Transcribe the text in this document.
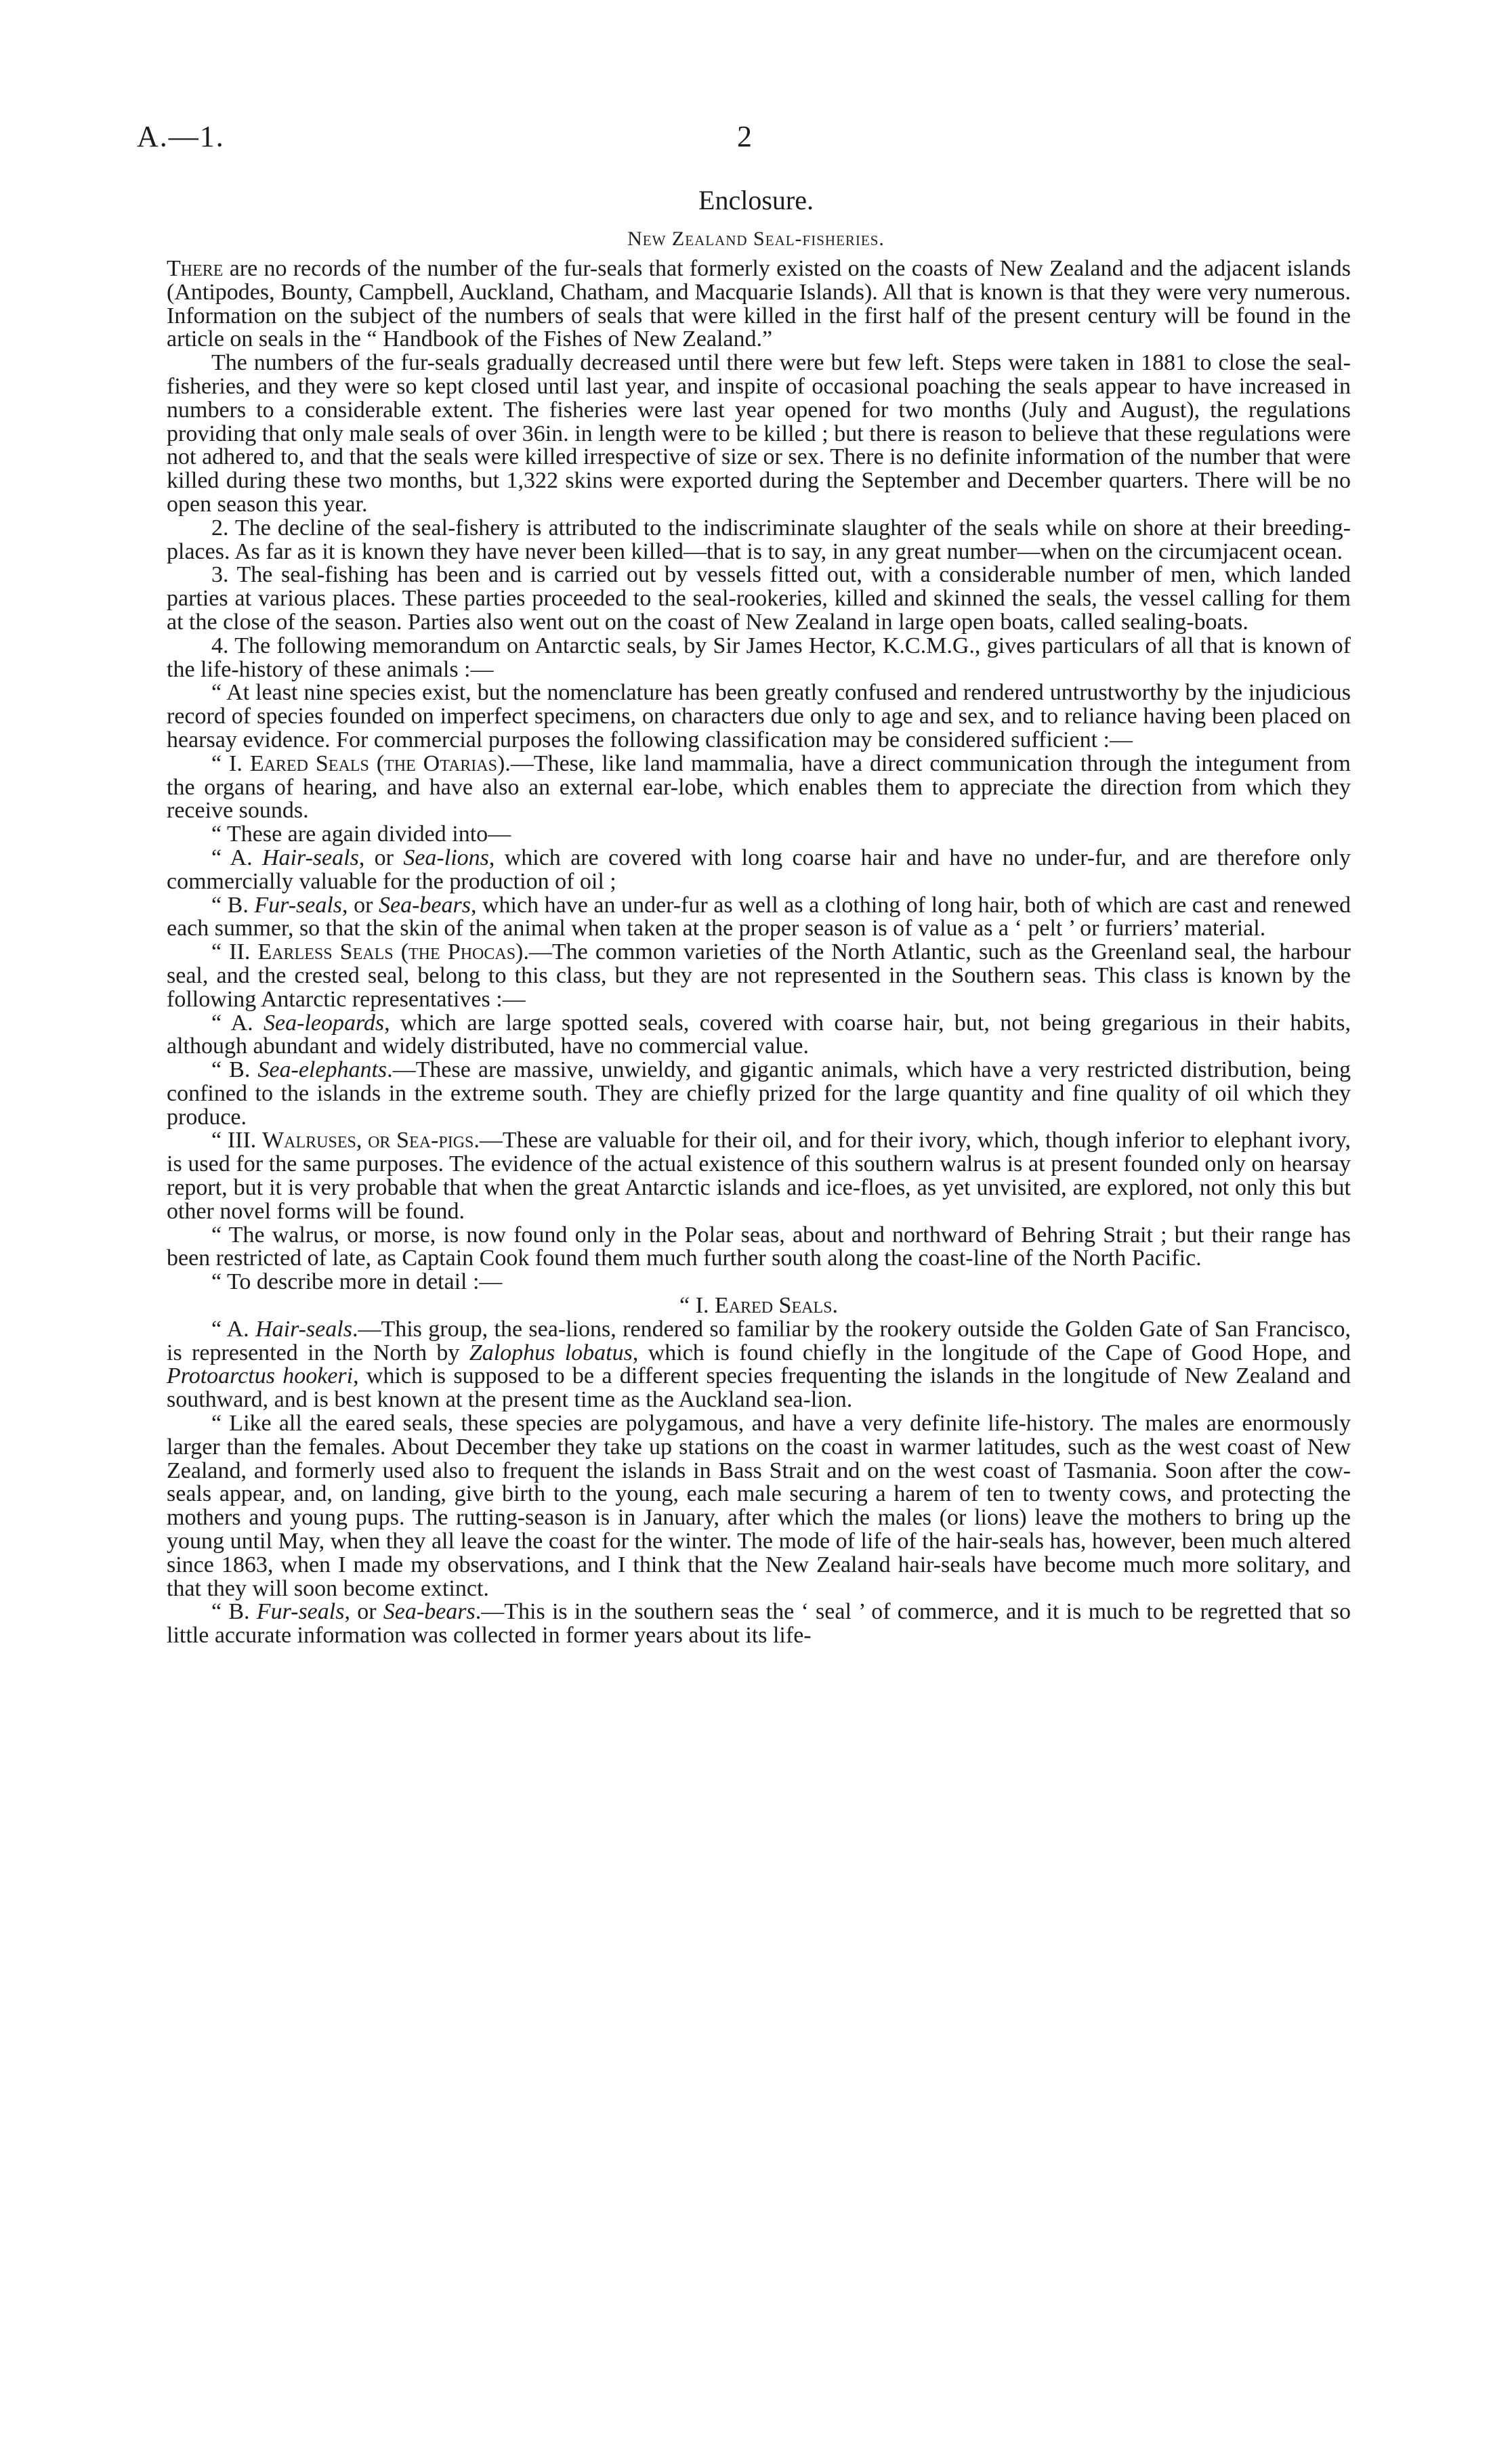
A.—1.	2
Enclosure.
New Zealand Seal-fisheries.

There are no records of the number of the fur-seals that formerly existed on the coasts of New Zealand and the adjacent islands (Antipodes, Bounty, Campbell, Auckland, Chatham, and Macquarie Islands). All that is known is that they were very numerous. Information on the subject of the numbers of seals that were killed in the first half of the present century will be found in the article on seals in the “ Handbook of the Fishes of New Zealand.”

The numbers of the fur-seals gradually decreased until there were but few left. Steps were taken in 1881 to close the seal-fisheries, and they were so kept closed until last year, and inspite of occasional poaching the seals appear to have increased in numbers to a considerable extent. The fisheries were last year opened for two months (July and August), the regulations providing that only male seals of over 36in. in length were to be killed ; but there is reason to believe that these regulations were not adhered to, and that the seals were killed irrespective of size or sex. There is no definite information of the number that were killed during these two months, but 1,322 skins were exported during the September and December quarters. There will be no open season this year.

2. The decline of the seal-fishery is attributed to the indiscriminate slaughter of the seals while on shore at their breeding-places. As far as it is known they have never been killed—that is to say, in any great number—when on the circumjacent ocean.

3. The seal-fishing has been and is carried out by vessels fitted out, with a considerable number of men, which landed parties at various places. These parties proceeded to the seal-rookeries, killed and skinned the seals, the vessel calling for them at the close of the season. Parties also went out on the coast of New Zealand in large open boats, called sealing-boats.

4. The following memorandum on Antarctic seals, by Sir James Hector, K.C.M.G., gives particulars of all that is known of the life-history of these animals :—

“ At least nine species exist, but the nomenclature has been greatly confused and rendered untrustworthy by the injudicious record of species founded on imperfect specimens, on characters due only to age and sex, and to reliance having been placed on hearsay evidence. For commercial purposes the following classification may be considered sufficient :—

“ I. Eared Seals (the Otarias).—These, like land mammalia, have a direct communication through the integument from the organs of hearing, and have also an external ear-lobe, which enables them to appreciate the direction from which they receive sounds.

“ These are again divided into—

“ A. Hair-seals, or Sea-lions, which are covered with long coarse hair and have no under-fur, and are therefore only commercially valuable for the production of oil ;

“ B. Fur-seals, or Sea-bears, which have an under-fur as well as a clothing of long hair, both of which are cast and renewed each summer, so that the skin of the animal when taken at the proper season is of value as a ‘ pelt ’ or furriers’ material.

“ II. Earless Seals (the Phocas).—The common varieties of the North Atlantic, such as the Greenland seal, the harbour seal, and the crested seal, belong to this class, but they are not represented in the Southern seas. This class is known by the following Antarctic representatives :—

“ A. Sea-leopards, which are large spotted seals, covered with coarse hair, but, not being gregarious in their habits, although abundant and widely distributed, have no commercial value.

“ B. Sea-elephants.—These are massive, unwieldy, and gigantic animals, which have a very restricted distribution, being confined to the islands in the extreme south. They are chiefly prized for the large quantity and fine quality of oil which they produce.

“ III. Walruses, or Sea-pigs.—These are valuable for their oil, and for their ivory, which, though inferior to elephant ivory, is used for the same purposes. The evidence of the actual existence of this southern walrus is at present founded only on hearsay report, but it is very probable that when the great Antarctic islands and ice-floes, as yet unvisited, are explored, not only this but other novel forms will be found.

“ The walrus, or morse, is now found only in the Polar seas, about and northward of Behring Strait ; but their range has been restricted of late, as Captain Cook found them much further south along the coast-line of the North Pacific.

“ To describe more in detail :—

“ I. Eared Seals.

“ A. Hair-seals.—This group, the sea-lions, rendered so familiar by the rookery outside the Golden Gate of San Francisco, is represented in the North by Zalophus lobatus, which is found chiefly in the longitude of the Cape of Good Hope, and Protoarctus hookeri, which is supposed to be a different species frequenting the islands in the longitude of New Zealand and southward, and is best known at the present time as the Auckland sea-lion.

“ Like all the eared seals, these species are polygamous, and have a very definite life-history. The males are enormously larger than the females. About December they take up stations on the coast in warmer latitudes, such as the west coast of New Zealand, and formerly used also to frequent the islands in Bass Strait and on the west coast of Tasmania. Soon after the cow-seals appear, and, on landing, give birth to the young, each male securing a harem of ten to twenty cows, and protecting the mothers and young pups. The rutting-season is in January, after which the males (or lions) leave the mothers to bring up the young until May, when they all leave the coast for the winter. The mode of life of the hair-seals has, however, been much altered since 1863, when I made my observations, and I think that the New Zealand hair-seals have become much more solitary, and that they will soon become extinct.

“ B. Fur-seals, or Sea-bears.—This is in the southern seas the ‘ seal ’ of commerce, and it is much to be regretted that so little accurate information was collected in former years about its life-
